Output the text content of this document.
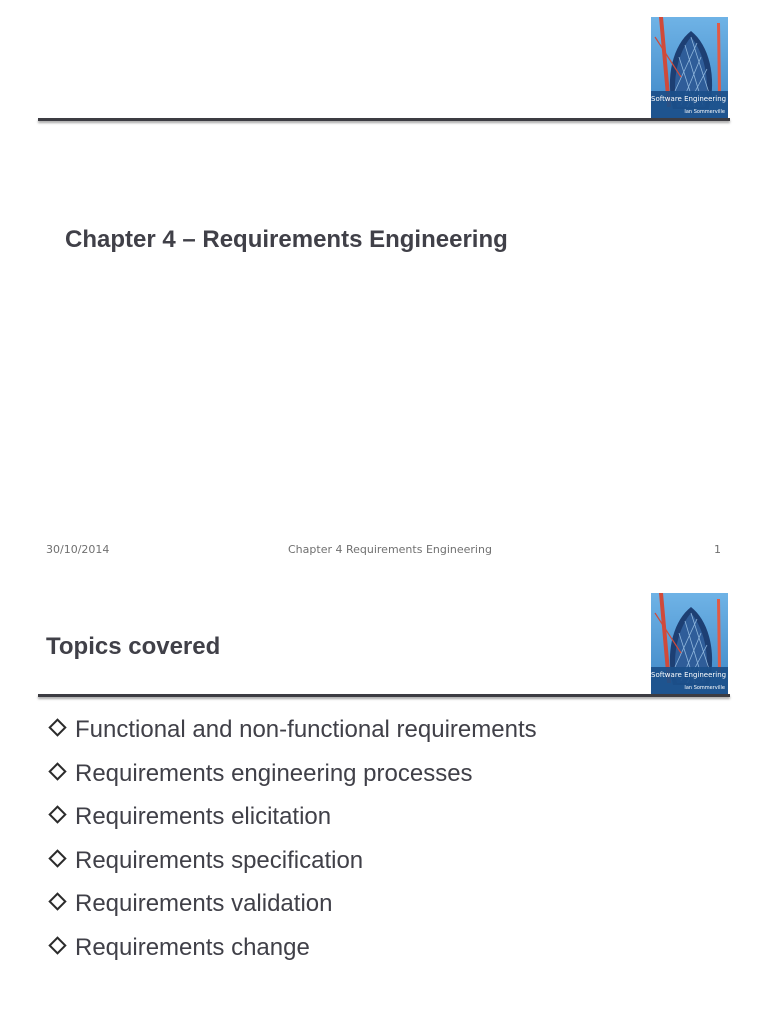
Software Engineering
Ian Sommerville
Chapter 4 – Requirements Engineering
30/10/2014	Chapter 4 Requirements Engineering	1
Software Engineering
Ian Sommerville
Topics covered
Functional and non-functional requirements
Requirements engineering processes
Requirements elicitation
Requirements specification
Requirements validation
Requirements change
